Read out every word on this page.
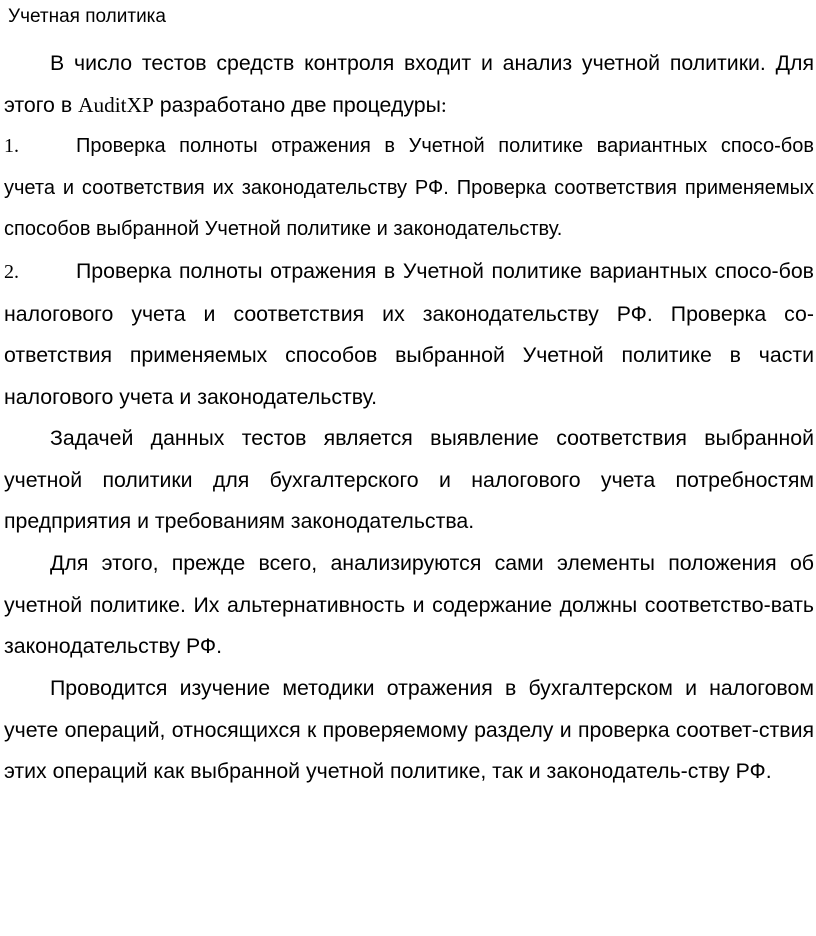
Учетная политика

В число тестов средств контроля входит и анализ учетной политики. Для этого в AuditXP разработано две процедуры:

1.	Проверка полноты отражения в Учетной политике вариантных спосо-бов учета и соответствия их законодательству РФ. Проверка соответствия применяемых способов выбранной Учетной политике и законодательству.

2.	Проверка полноты отражения в Учетной политике вариантных спосо-бов налогового учета и соответствия их законодательству РФ. Проверка со-ответствия применяемых способов выбранной Учетной политике в части налогового учета и законодательству.

Задачей данных тестов является выявление соответствия выбранной учетной политики для бухгалтерского и налогового учета потребностям предприятия и требованиям законодательства.

Для этого, прежде всего, анализируются сами элементы положения об учетной политике. Их альтернативность и содержание должны соответство-вать законодательству РФ.

Проводится изучение методики отражения в бухгалтерском и налоговом учете операций, относящихся к проверяемому разделу и проверка соответ-ствия этих операций как выбранной учетной политике, так и законодатель-ству РФ.
